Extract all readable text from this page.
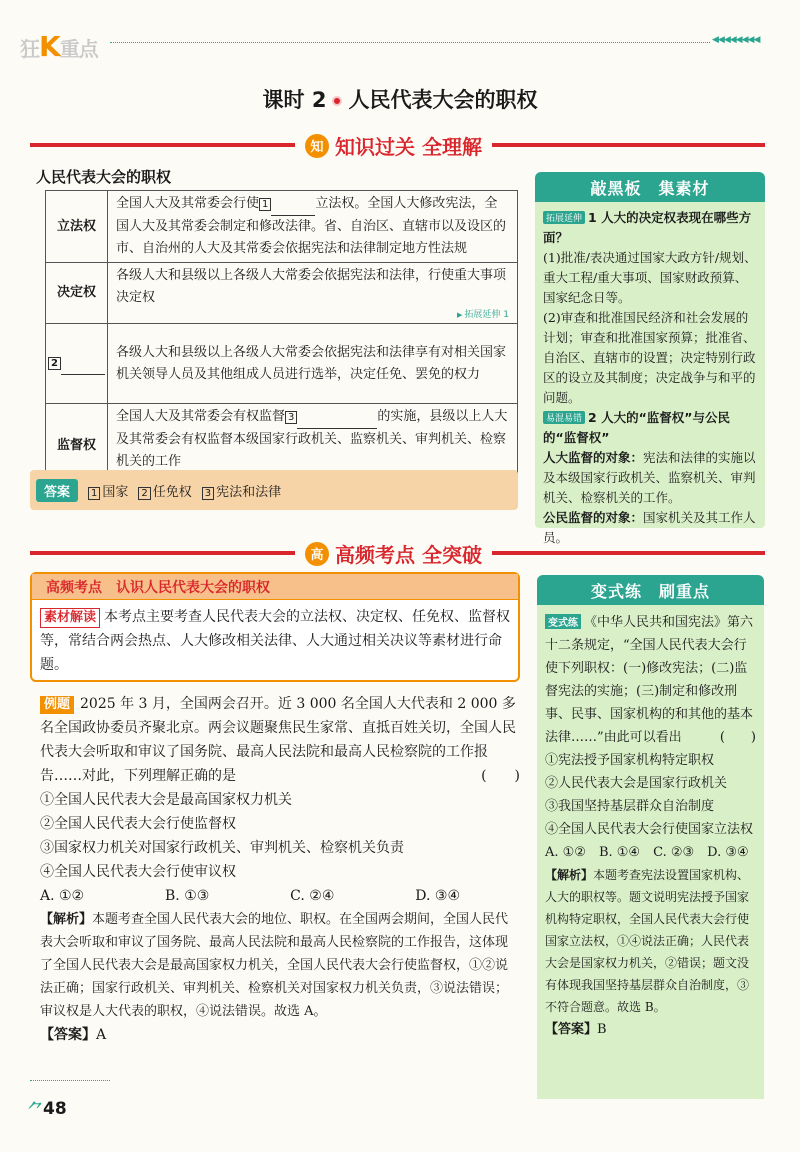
狂K重点	◀◀◀◀◀◀◀◀
课时 2 人民代表大会的职权
知 知识过关 全理解
人民代表大会的职权
立法权	全国人大及其常委会行使 1 立法权。全国人大修改宪法，全国人大及其常委会制定和修改法律。省、自治区、直辖市以及设区的市、自治州的人大及其常委会依据宪法和法律制定地方性法规
决定权	各级人大和县级以上各级人大常委会依据宪法和法律，行使重大事项决定权
▶ 拓展延伸 1

2	各级人大和县级以上各级人大常委会依据宪法和法律享有对相关国家机关领导人员及其他组成人员进行选举，决定任免、罢免的权力
监督权	全国人大及其常委会有权监督 3 的实施，县级以上人大及其常委会有权监督本级国家行政机关、监察机关、审判机关、检察机关的工作
▶
答案	1 国家	2 任免权	3 宪法和法律
敲黑板　集素材
拓展延伸 1 人大的决定权表现在哪些方面？
(1)批准/表决通过国家大政方针/规划、重大工程/重大事项、国家财政预算、国家纪念日等。
(2)审查和批准国民经济和社会发展的计划；审查和批准国家预算；批准省、自治区、直辖市的设置；决定特别行政区的设立及其制度；决定战争与和平的问题。
易混易错 2 人大的“监督权”与公民的“监督权”
人大监督的对象：宪法和法律的实施以及本级国家行政机关、监察机关、审判机关、检察机关的工作。
公民监督的对象：国家机关及其工作人员。
高 高频考点 全突破
高频考点　认识人民代表大会的职权
素材解读 本考点主要考查人民代表大会的立法权、决定权、任免权、监督权等，常结合两会热点、人大修改相关法律、人大通过相关决议等素材进行命题。
例题 2025 年 3 月，全国两会召开。近 3 000 名全国人大代表和 2 000 多名全国政协委员齐聚北京。两会议题聚焦民生家常、直抵百姓关切，全国人民代表大会听取和审议了国务院、最高人民法院和最高人民检察院的工作报告……对此，下列理解正确的是	(　　)
①全国人民代表大会是最高国家权力机关
②全国人民代表大会行使监督权
③国家权力机关对国家行政机关、审判机关、检察机关负责
④全国人民代表大会行使审议权
A. ①②	B. ①③	C. ②④	D. ③④
【解析】本题考查全国人民代表大会的地位、职权。在全国两会期间，全国人民代表大会听取和审议了国务院、最高人民法院和最高人民检察院的工作报告，这体现了全国人民代表大会是最高国家权力机关，全国人民代表大会行使监督权，①②说法正确；国家行政机关、审判机关、检察机关对国家权力机关负责，③说法错误；审议权是人大代表的职权，④说法错误。故选 A。
【答案】A
变式练　刷重点
变式练 《中华人民共和国宪法》第六十二条规定，“全国人民代表大会行使下列职权：(一)修改宪法；(二)监督宪法的实施；(三)制定和修改刑事、民事、国家机构的和其他的基本法律……”由此可以看出	(　　)
①宪法授予国家机构特定职权
②人民代表大会是国家行政机关
③我国坚持基层群众自治制度
④全国人民代表大会行使国家立法权
A. ①②　B. ①④　C. ②③　D. ③④
【解析】本题考查宪法设置国家机构、人大的职权等。题文说明宪法授予国家机构特定职权，全国人民代表大会行使国家立法权，①④说法正确；人民代表大会是国家权力机关，②错误；题文没有体现我国坚持基层群众自治制度，③不符合题意。故选 B。
【答案】B
⺈48
